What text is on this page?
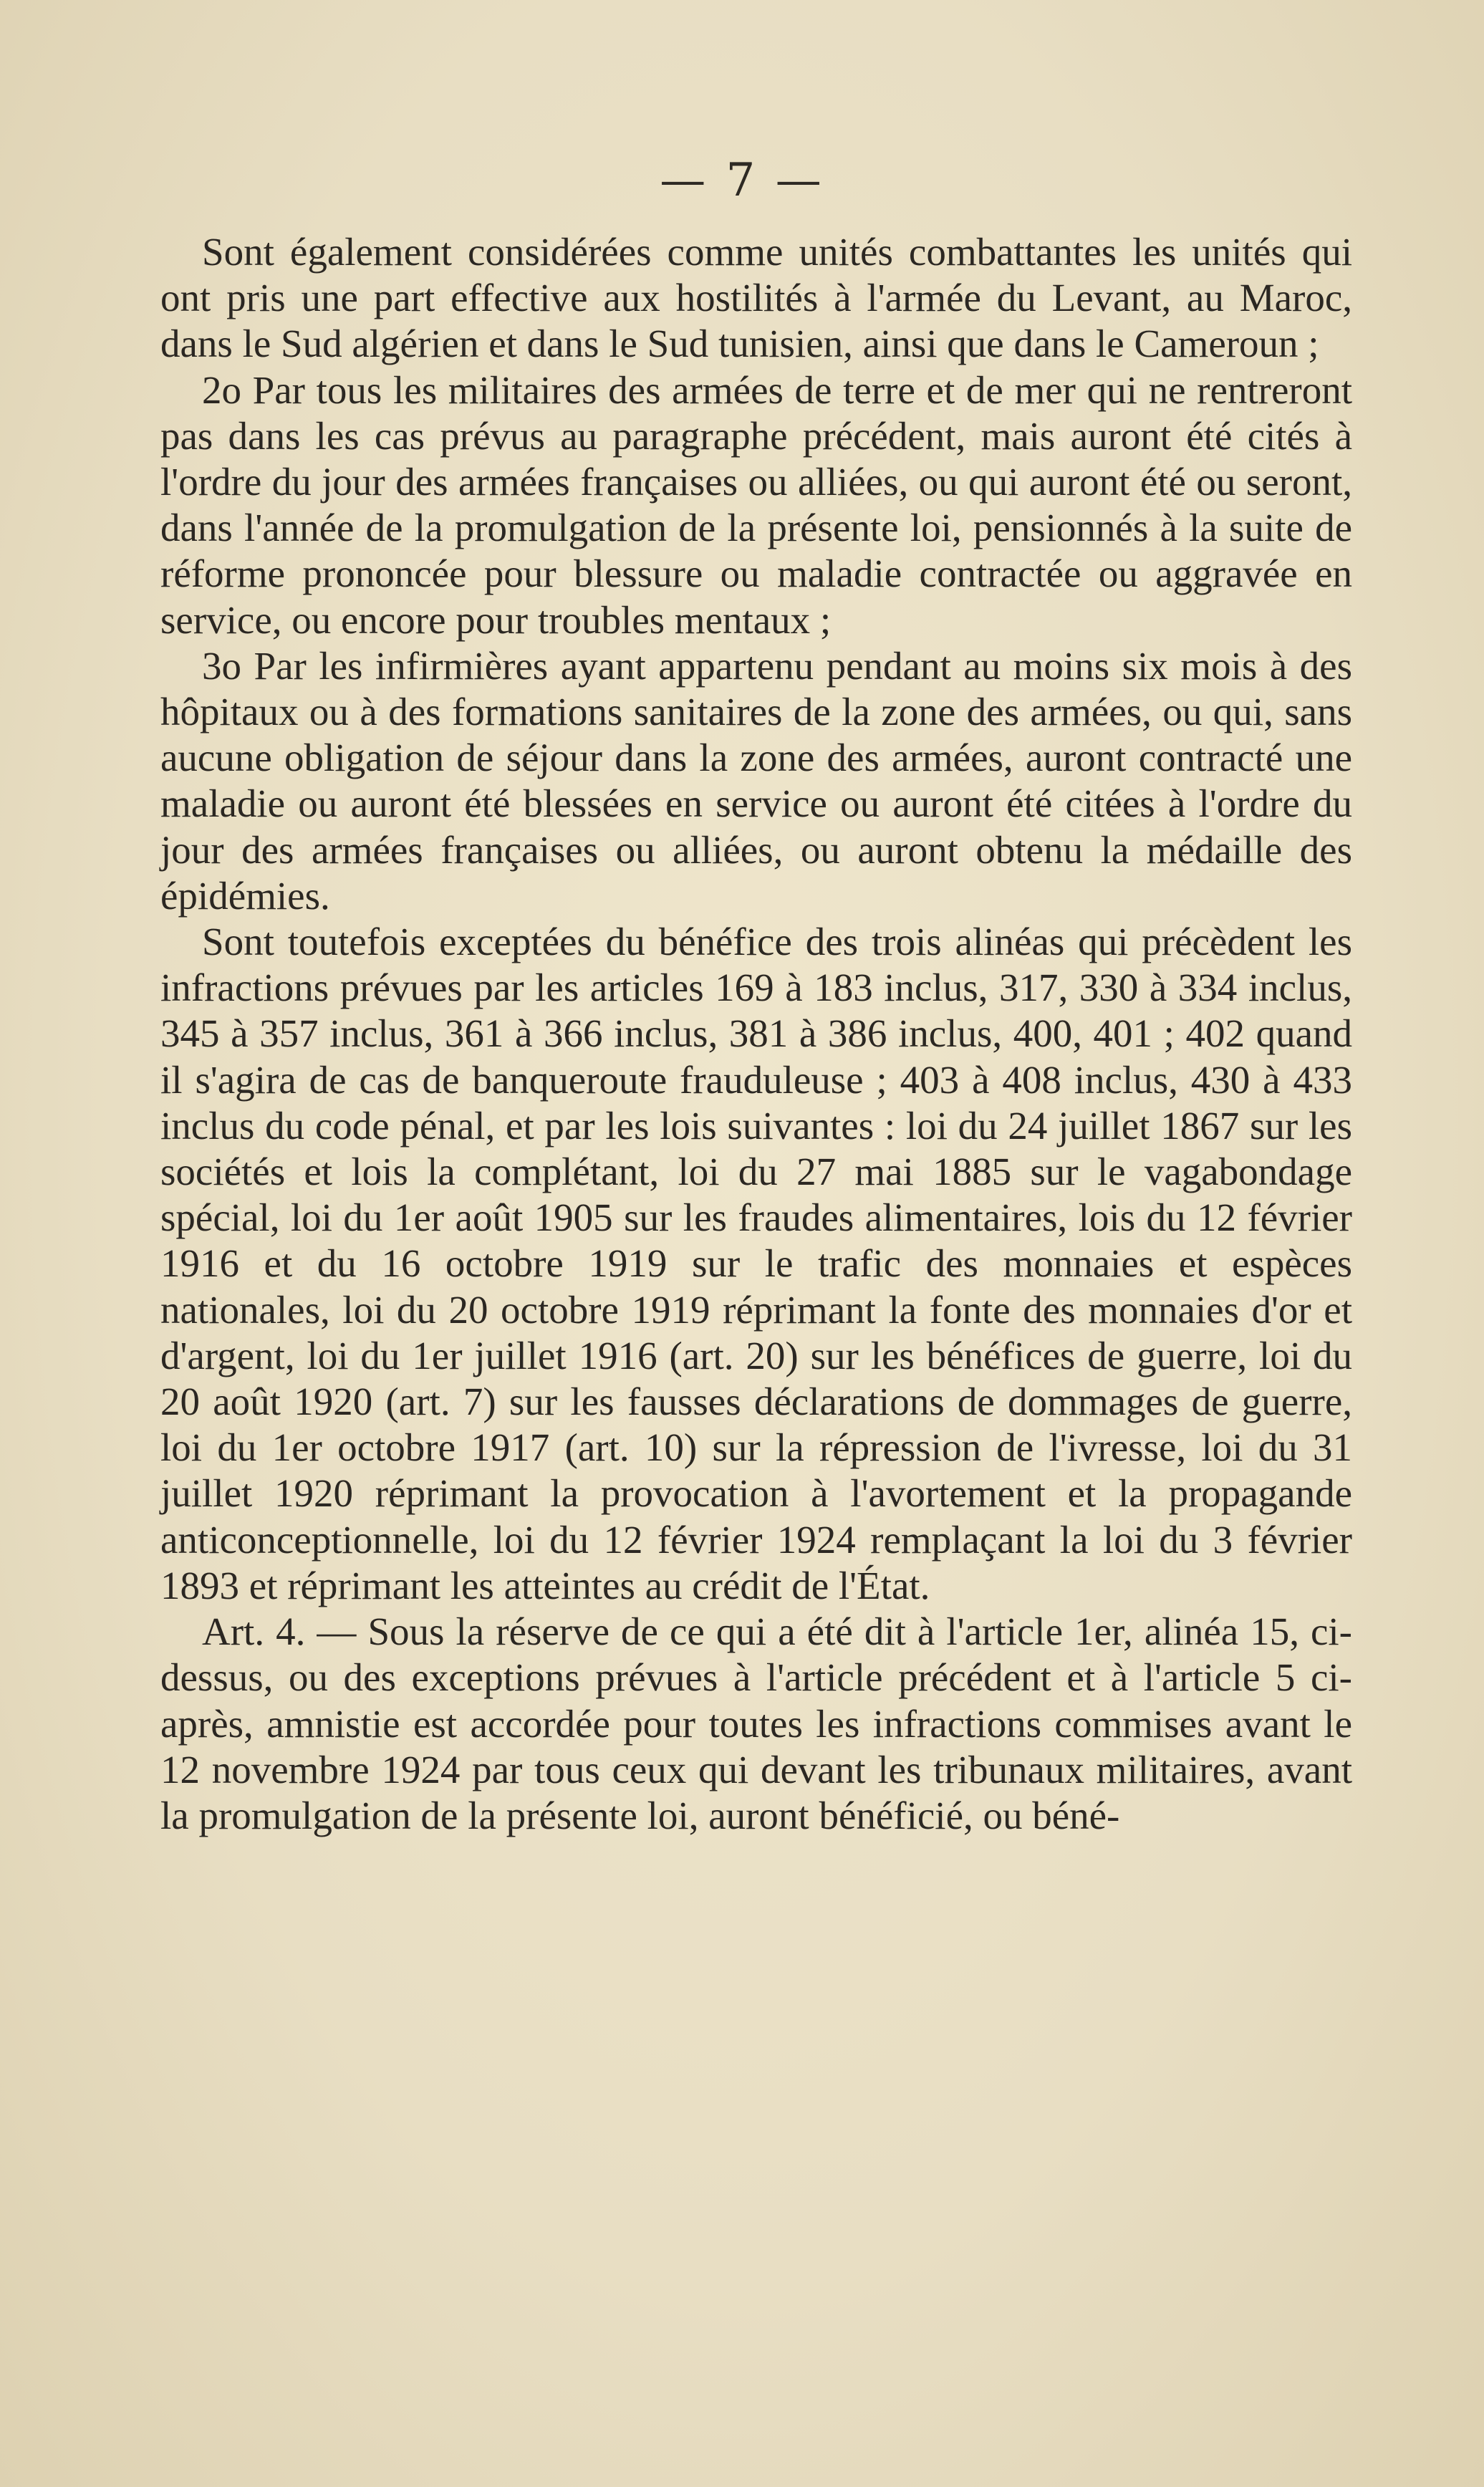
— 7 —

Sont également considérées comme unités combattantes les unités qui ont pris une part effective aux hostilités à l'armée du Levant, au Maroc, dans le Sud algérien et dans le Sud tunisien, ainsi que dans le Cameroun ;

2o Par tous les militaires des armées de terre et de mer qui ne rentreront pas dans les cas prévus au paragraphe précédent, mais auront été cités à l'ordre du jour des armées françaises ou alliées, ou qui auront été ou seront, dans l'année de la promulgation de la présente loi, pensionnés à la suite de réforme prononcée pour blessure ou maladie contractée ou aggravée en service, ou encore pour troubles mentaux ;

3o Par les infirmières ayant appartenu pendant au moins six mois à des hôpitaux ou à des formations sanitaires de la zone des armées, ou qui, sans aucune obligation de séjour dans la zone des armées, auront contracté une maladie ou auront été blessées en service ou auront été citées à l'ordre du jour des armées françaises ou alliées, ou auront obtenu la médaille des épidémies.

Sont toutefois exceptées du bénéfice des trois alinéas qui précèdent les infractions prévues par les articles 169 à 183 inclus, 317, 330 à 334 inclus, 345 à 357 inclus, 361 à 366 inclus, 381 à 386 inclus, 400, 401 ; 402 quand il s'agira de cas de banqueroute frauduleuse ; 403 à 408 inclus, 430 à 433 inclus du code pénal, et par les lois suivantes : loi du 24 juillet 1867 sur les sociétés et lois la complétant, loi du 27 mai 1885 sur le vagabondage spécial, loi du 1er août 1905 sur les fraudes alimentaires, lois du 12 février 1916 et du 16 octobre 1919 sur le trafic des monnaies et espèces nationales, loi du 20 octobre 1919 réprimant la fonte des monnaies d'or et d'argent, loi du 1er juillet 1916 (art. 20) sur les bénéfices de guerre, loi du 20 août 1920 (art. 7) sur les fausses déclarations de dommages de guerre, loi du 1er octobre 1917 (art. 10) sur la répression de l'ivresse, loi du 31 juillet 1920 réprimant la provocation à l'avortement et la propagande anticonceptionnelle, loi du 12 février 1924 remplaçant la loi du 3 février 1893 et réprimant les atteintes au crédit de l'État.

Art. 4. — Sous la réserve de ce qui a été dit à l'article 1er, alinéa 15, ci-dessus, ou des exceptions prévues à l'article précédent et à l'article 5 ci-après, amnistie est accordée pour toutes les infractions commises avant le 12 novembre 1924 par tous ceux qui devant les tribunaux militaires, avant la promulgation de la présente loi, auront bénéficié, ou béné-
